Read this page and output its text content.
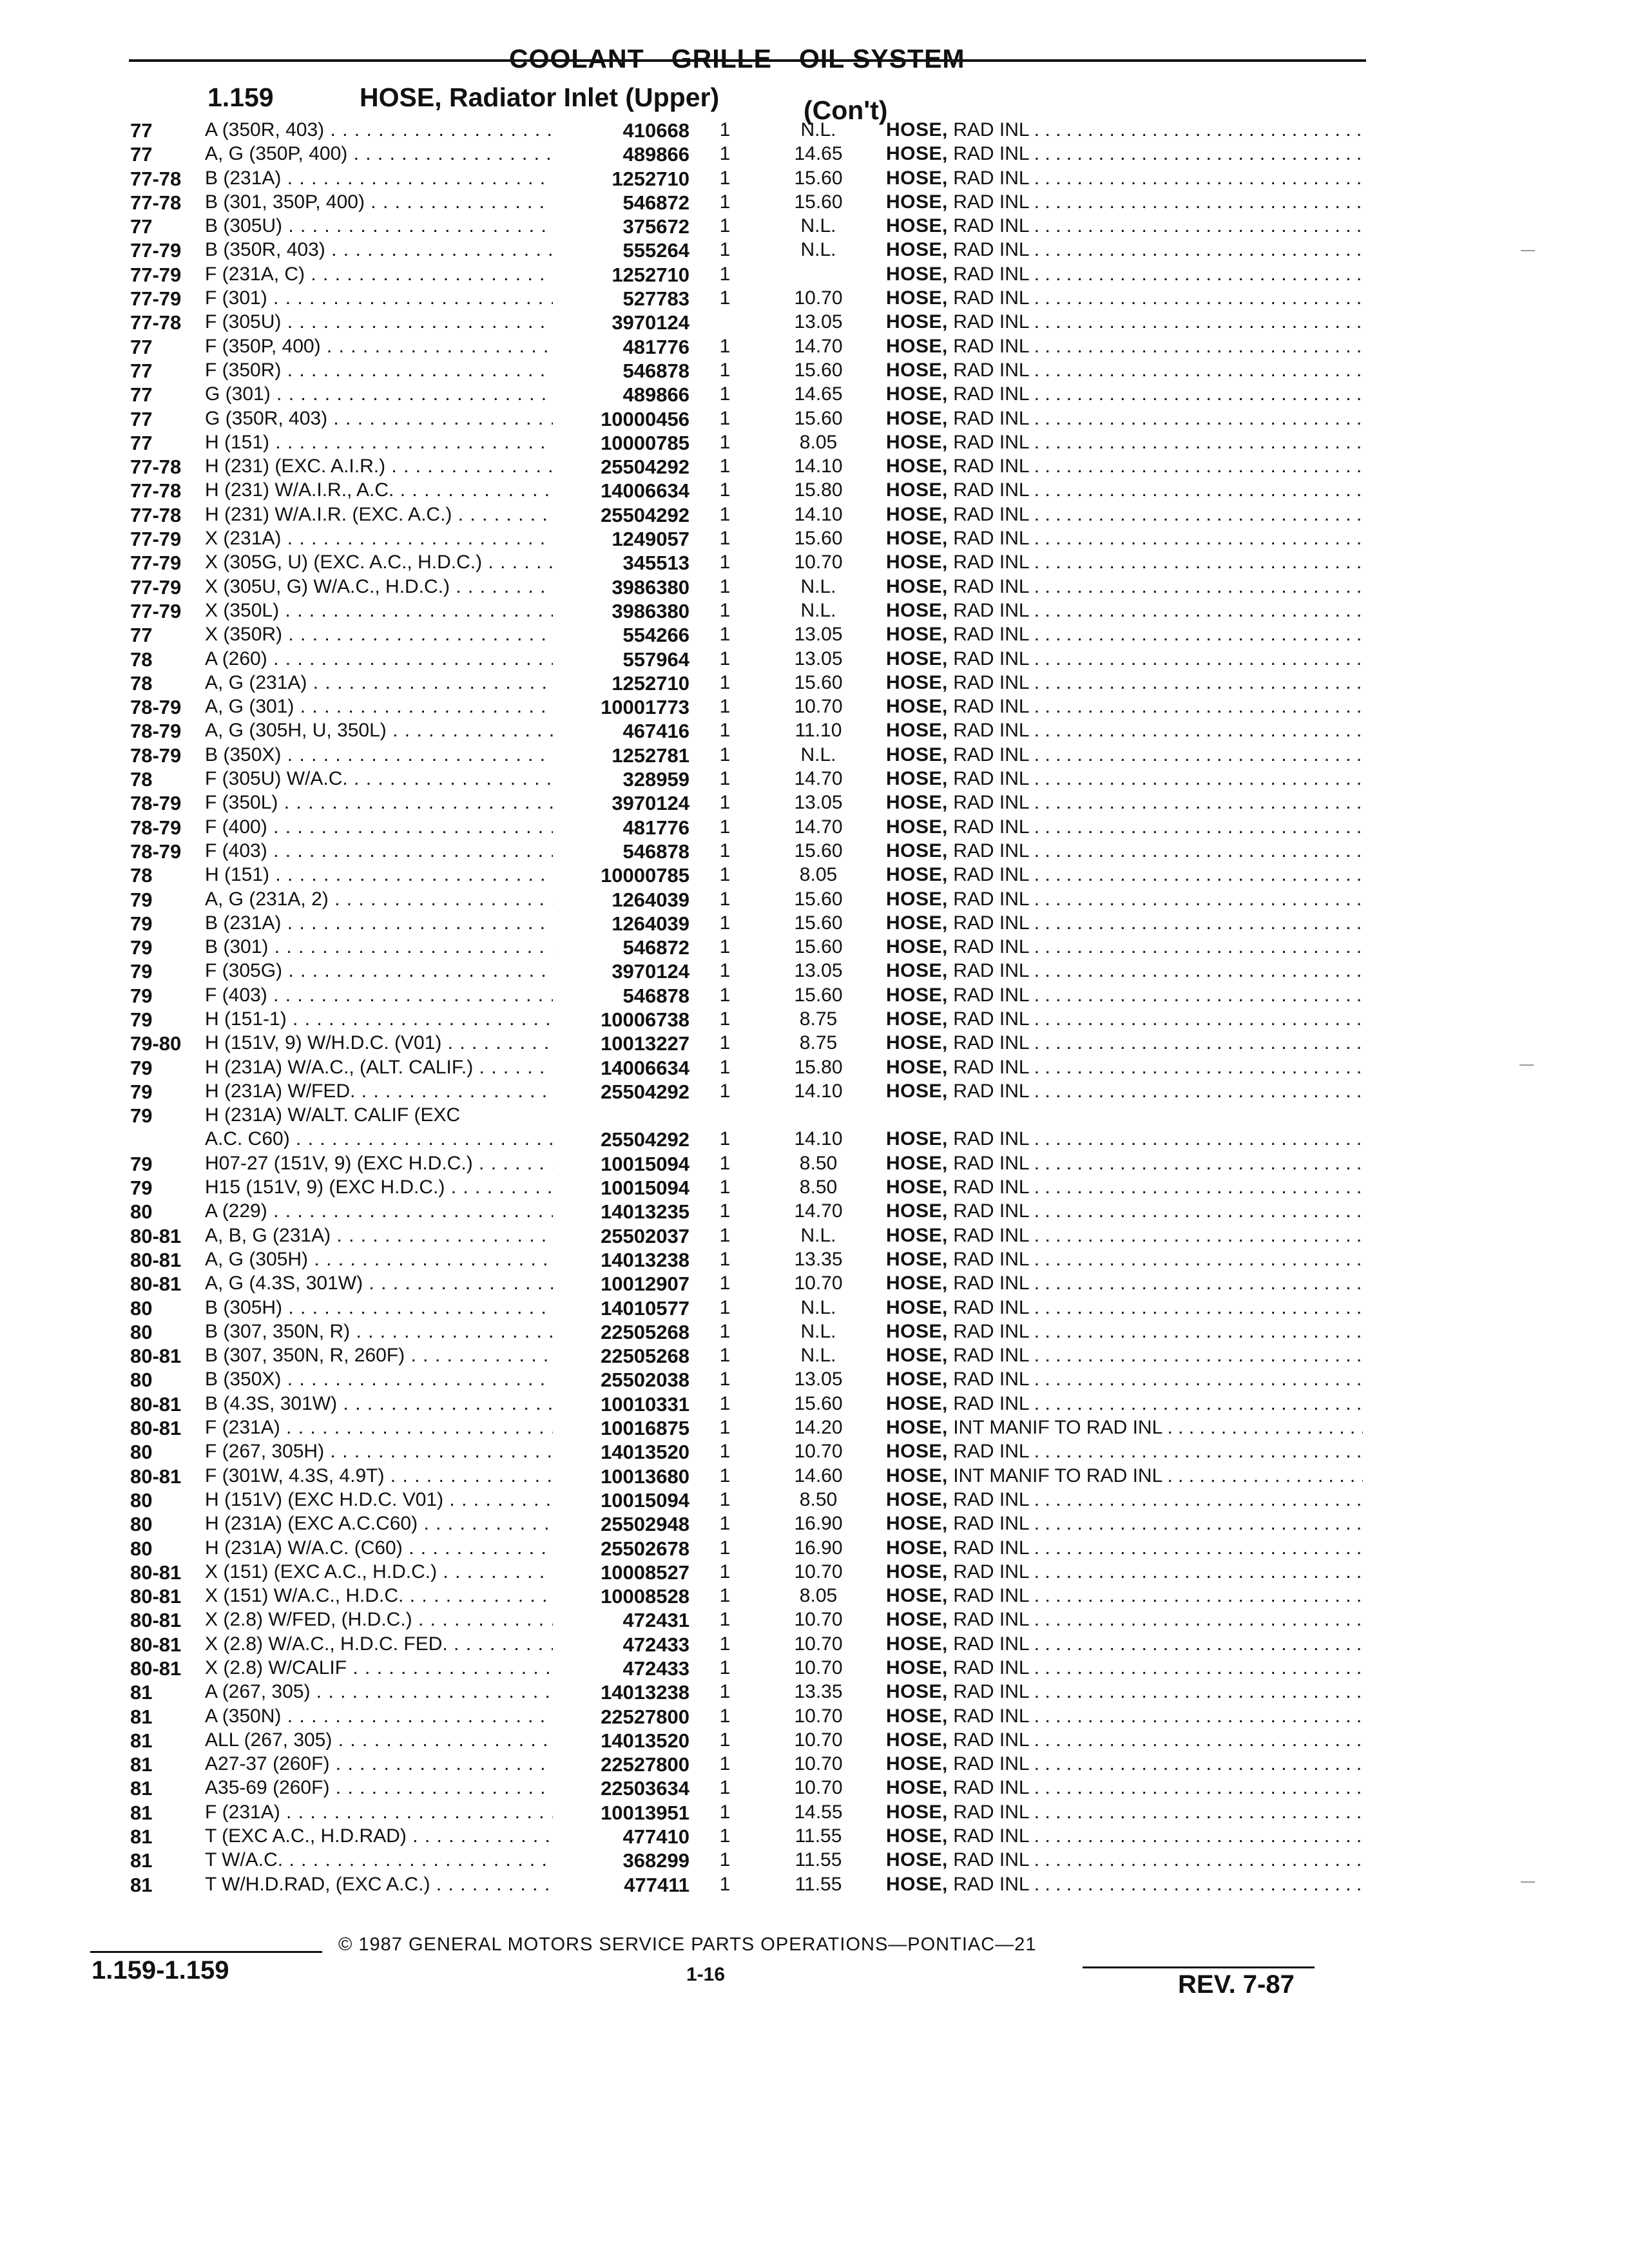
COOLANT—GRILLE—OIL SYSTEM
1.159	HOSE, Radiator Inlet (Upper)	(Con't)
77	A (350R, 403) . . .	410668 1	N.L.	HOSE, RAD INL . . .
77	A, G (350P, 400) . . .	489866 1	14.65	HOSE, RAD INL . . .
77-78 B (231A) . . .	1252710 1	15.60	HOSE, RAD INL . . .
77-78 B (301, 350P, 400) . . .	546872 1	15.60	HOSE, RAD INL . . .
77	B (305U) . . .	375672 1	N.L.	HOSE, RAD INL . . .
77-79 B (350R, 403) . . .	555264 1	N.L.	HOSE, RAD INL . . .
77-79 F (231A, C) . . .	1252710 1	HOSE, RAD INL . . .
77-79 F (301) . . .	527783 1	10.70	HOSE, RAD INL . . .
77-78 F (305U) . . .	3970124	13.05	HOSE, RAD INL . . .
77	F (350P, 400) . . .	481776 1	14.70	HOSE, RAD INL . . .
77	F (350R) . . .	546878 1	15.60	HOSE, RAD INL . . .
77	G (301) . . .	489866 1	14.65	HOSE, RAD INL . . .
77	G (350R, 403) . . .	10000456 1	15.60	HOSE, RAD INL . . .
77	H (151) . . .	10000785 1	8.05	HOSE, RAD INL . . .
77-78 H (231) (EXC. A.I.R.) . . .	25504292 1	14.10	HOSE, RAD INL . . .
77-78 H (231) W/A.I.R., A.C. . . .	14006634 1	15.80	HOSE, RAD INL . . .
77-78 H (231) W/A.I.R. (EXC. A.C.) . . .	25504292 1	14.10	HOSE, RAD INL . . .
77-79 X (231A) . . .	1249057 1	15.60	HOSE, RAD INL . . .
77-79 X (305G, U) (EXC. A.C., H.D.C.) . . .	345513 1	10.70	HOSE, RAD INL . . .
77-79 X (305U, G) W/A.C., H.D.C.) . . .	3986380 1	N.L.	HOSE, RAD INL . . .
77-79 X (350L) . . .	3986380 1	N.L.	HOSE, RAD INL . . .
77	X (350R) . . .	554266 1	13.05	HOSE, RAD INL . . .
78	A (260) . . .	557964 1	13.05	HOSE, RAD INL . . .
78	A, G (231A) . . .	1252710 1	15.60	HOSE, RAD INL . . .
78-79 A, G (301) . . .	10001773 1	10.70	HOSE, RAD INL . . .
78-79 A, G (305H, U, 350L) . . .	467416 1	11.10	HOSE, RAD INL . . .
78-79 B (350X) . . .	1252781 1	N.L.	HOSE, RAD INL . . .
78	F (305U) W/A.C. . . .	328959 1	14.70	HOSE, RAD INL . . .
78-79 F (350L) . . .	3970124 1	13.05	HOSE, RAD INL . . .
78-79 F (400) . . .	481776 1	14.70	HOSE, RAD INL . . .
78-79 F (403) . . .	546878 1	15.60	HOSE, RAD INL . . .
78	H (151) . . .	10000785 1	8.05	HOSE, RAD INL . . .
79	A, G (231A, 2) . . .	1264039 1	15.60	HOSE, RAD INL . . .
79	B (231A) . . .	1264039 1	15.60	HOSE, RAD INL . . .
79	B (301) . . .	546872 1	15.60	HOSE, RAD INL . . .
79	F (305G) . . .	3970124 1	13.05	HOSE, RAD INL . . .
79	F (403) . . .	546878 1	15.60	HOSE, RAD INL . . .
79	H (151-1) . . .	10006738 1	8.75	HOSE, RAD INL . . .
79-80 H (151V, 9) W/H.D.C. (V01) . . .	10013227 1	8.75	HOSE, RAD INL . . .
79	H (231A) W/A.C., (ALT. CALIF.) . . .	14006634 1	15.80	HOSE, RAD INL . . .
79	H (231A) W/FED. . . .	25504292 1	14.10	HOSE, RAD INL . . .
79	H (231A) W/ALT. CALIF (EXC
A.C. C60) . . .	25504292 1	14.10	HOSE, RAD INL . . .
79	H07-27 (151V, 9) (EXC H.D.C.) . . .	10015094 1	8.50	HOSE, RAD INL . . .
79	H15 (151V, 9) (EXC H.D.C.) . . .	10015094 1	8.50	HOSE, RAD INL . . .
80	A (229) . . .	14013235 1	14.70	HOSE, RAD INL . . .
80-81 A, B, G (231A) . . .	25502037 1	N.L.	HOSE, RAD INL . . .
80-81 A, G (305H) . . .	14013238 1	13.35	HOSE, RAD INL . . .
80-81 A, G (4.3S, 301W) . . .	10012907 1	10.70	HOSE, RAD INL . . .
80	B (305H) . . .	14010577 1	N.L.	HOSE, RAD INL . . .
80	B (307, 350N, R) . . .	22505268 1	N.L.	HOSE, RAD INL . . .
80-81 B (307, 350N, R, 260F) . . .	22505268 1	N.L.	HOSE, RAD INL . . .
80	B (350X) . . .	25502038 1	13.05	HOSE, RAD INL . . .
80-81 B (4.3S, 301W) . . .	10010331 1	15.60	HOSE, RAD INL . . .
80-81 F (231A) . . .	10016875 1	14.20	HOSE, INT MANIF TO RAD INL . . .
80	F (267, 305H) . . .	14013520 1	10.70	HOSE, RAD INL . . .
80-81 F (301W, 4.3S, 4.9T) . . .	10013680 1	14.60	HOSE, INT MANIF TO RAD INL . . .
80	H (151V) (EXC H.D.C. V01) . . .	10015094 1	8.50	HOSE, RAD INL . . .
80	H (231A) (EXC A.C.C60) . . .	25502948 1	16.90	HOSE, RAD INL . . .
80	H (231A) W/A.C. (C60) . . .	25502678 1	16.90	HOSE, RAD INL . . .
80-81 X (151) (EXC A.C., H.D.C.) . . .	10008527 1	10.70	HOSE, RAD INL . . .
80-81 X (151) W/A.C., H.D.C. . . .	10008528 1	8.05	HOSE, RAD INL . . .
80-81 X (2.8) W/FED, (H.D.C.) . . .	472431 1	10.70	HOSE, RAD INL . . .
80-81 X (2.8) W/A.C., H.D.C. FED. . . .	472433 1	10.70	HOSE, RAD INL . . .
80-81 X (2.8) W/CALIF . . .	472433 1	10.70	HOSE, RAD INL . . .
81	A (267, 305) . . .	14013238 1	13.35	HOSE, RAD INL . . .
81	A (350N) . . .	22527800 1	10.70	HOSE, RAD INL . . .
81	ALL (267, 305) . . .	14013520 1	10.70	HOSE, RAD INL . . .
81	A27-37 (260F) . . .	22527800 1	10.70	HOSE, RAD INL . . .
81	A35-69 (260F) . . .	22503634 1	10.70	HOSE, RAD INL . . .
81	F (231A) . . .	10013951 1	14.55	HOSE, RAD INL . . .
81	T (EXC A.C., H.D.RAD) . . .	477410 1	11.55	HOSE, RAD INL . . .
81	T W/A.C. . . .	368299 1	11.55	HOSE, RAD INL . . .
81	T W/H.D.RAD, (EXC A.C.) . . .	477411 1	11.55	HOSE, RAD INL . . .
© 1987 GENERAL MOTORS SERVICE PARTS OPERATIONS—PONTIAC—21
1.159-1.159	1-16	REV. 7-87
